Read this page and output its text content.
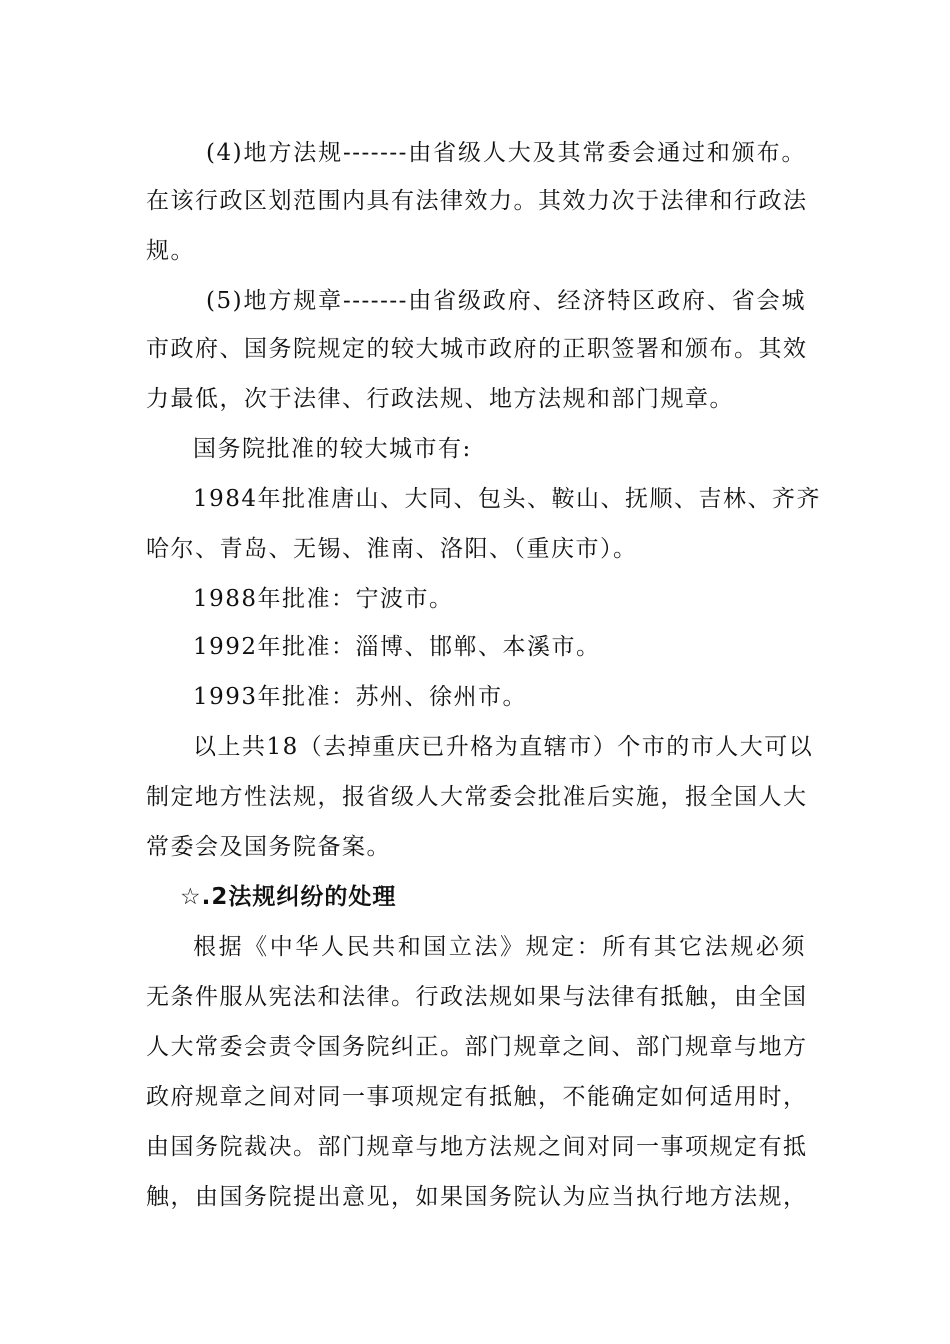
(4)地方法规-------由省级人大及其常委会通过和颁布。
在该行政区划范围内具有法律效力。其效力次于法律和行政法
规。
(5)地方规章-------由省级政府、经济特区政府、省会城
市政府、国务院规定的较大城市政府的正职签署和颁布。其效
力最低，次于法律、行政法规、地方法规和部门规章。
国务院批准的较大城市有:
1984年批准唐山、大同、包头、鞍山、抚顺、吉林、齐齐
哈尔、青岛、无锡、淮南、洛阳、（重庆市）。
1988年批准：宁波市。
1992年批准：淄博、邯郸、本溪市。
1993年批准：苏州、徐州市。
以上共18（去掉重庆已升格为直辖市）个市的市人大可以
制定地方性法规，报省级人大常委会批准后实施，报全国人大
常委会及国务院备案。
☆.2法规纠纷的处理
根据《中华人民共和国立法》规定：所有其它法规必须
无条件服从宪法和法律。行政法规如果与法律有抵触，由全国
人大常委会责令国务院纠正。部门规章之间、部门规章与地方
政府规章之间对同一事项规定有抵触，不能确定如何适用时，
由国务院裁决。部门规章与地方法规之间对同一事项规定有抵
触，由国务院提出意见，如果国务院认为应当执行地方法规，
